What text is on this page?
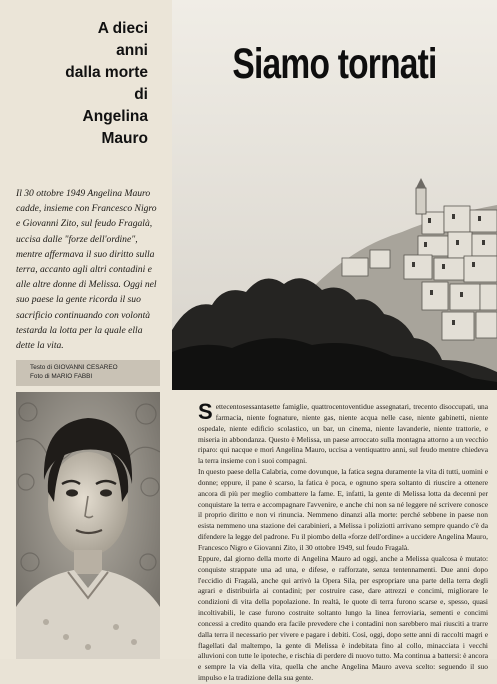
A dieci
anni
dalla morte
di
Angelina
Mauro
Il 30 ottobre 1949 Angelina Mauro cadde, insieme con Francesco Nigro e Giovanni Zito, sul feudo Fragalà, uccisa dalle "forze dell'ordine", mentre affermava il suo diritto sulla terra, accanto agli altri contadini e alle altre donne di Melissa. Oggi nel suo paese la gente ricorda il suo sacrificio continuando con volontà testarda la lotta per la quale ella dette la vita.
Testo di GIOVANNI CESAREO
Foto di MARIO FABBI
Siamo tornati
S ettecentosessantasette famiglie, quattrocentoventidue assegnatari, trecento disoccupati, una farmacia, niente fognature, niente gas, niente acqua nelle case, niente gabinetti, niente ospedale, niente edificio scolastico, un bar, un cinema, niente lavanderie, niente trattorie, e miseria in abbondanza. Questo è Melissa, un paese arroccato sulla montagna attorno a un vecchio riparo: qui nacque e morì Angelina Mauro, uccisa a ventiquattro anni, sul feudo mentre chiedeva la terra insieme con i suoi compagni.

In questo paese della Calabria, come dovunque, la fatica segna duramente la vita di tutti, uomini e donne; eppure, il pane è scarso, la fatica è poca, e ognuno spera soltanto di riuscire a ottenere ancora di più per meglio combattere la fame. E, infatti, la gente di Melissa lotta da decenni per conquistare la terra e accompagnare l'avvenire, e anche chi non sa né leggere né scrivere conosce il proprio diritto e non vi rinuncia. Nemmeno dinanzi alla morte: perché sebbene in paese non esista nemmeno una stazione dei carabinieri, a Melissa i poliziotti arrivano sempre quando c'è da difendere la legge del padrone. Fu il piombo della «forze dell'ordine» a uccidere Angelina Mauro, Francesco Nigro e Giovanni Zito, il 30 ottobre 1949, sul feudo Fragalà.

Eppure, dal giorno della morte di Angelina Mauro ad oggi, anche a Melissa qualcosa è mutato: conquiste strappate una ad una, e difese, e rafforzate, senza tentennamenti. Due anni dopo l'eccidio di Fragalà, anche qui arrivò la Opera Sila, per espropriare una parte della terra degli agrari e distribuirla ai contadini; per costruire case, dare attrezzi e concimi, migliorare le condizioni di vita della popolazione. In realtà, le quote di terra furono scarse e, spesso, quasi incoltivabili, le case furono costruite soltanto lungo la linea ferroviaria, sementi e concimi concessi a credito quando era facile prevedere che i contadini non sarebbero mai riusciti a trarre dalla terra il necessario per vivere e pagare i debiti. Così, oggi, dopo sette anni di raccolti magri e flagellati dal maltempo, la gente di Melissa è indebitata fino al collo, minacciata i vecchi alluvioni con tutte le ipoteche, e rischia di perdere di nuovo tutto. Ma continua a battersi: è ancora e sempre la via della vita, quella che anche Angelina Mauro aveva scelto: seguendo il suo impulso e la tradizione della sua gente.
